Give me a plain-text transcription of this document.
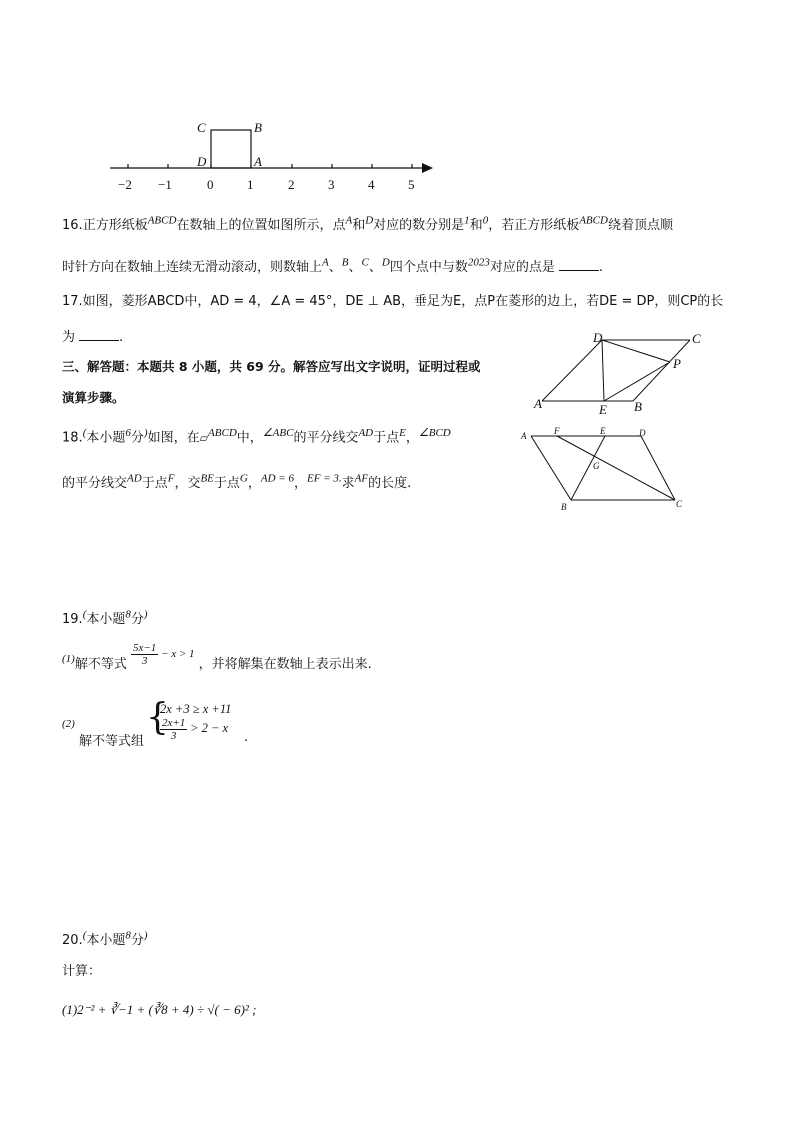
−2 −1	0	1	2	3	4	5
C	B
D	A
16.正方形纸板$^{ABCD}$在数轴上的位置如图所示，点$^A$和$^D$对应的数分别是$^1$和$^0$，若正方形纸板$^{ABCD}$绕着顶点顺
时针方向在数轴上连续无滑动滚动，则数轴上$^A$、$^B$、$^C$、$^D$四个点中与数$^{2023}$对应的点是	.
17.如图，菱形ABCD中，AD = 4，∠A = 45°，DE ⊥ AB，垂足为E，点P在菱形的边上，若DE = DP，则CP的长
为	.	D	C
P
A	E B
三、解答题：本题共 8 小题，共 69 分。解答应写出文字说明，证明过程或
演算步骤。
18.(本小题$^6$分)如图，在▱$^{ABCD}$中，$^{\angle ABC}$的平分线交$^{AD}$于点$^E$，$^{\angle BCD}$
的平分线交$^{AD}$于点$^F$，交$^{BE}$于点$^G$，$^{AD = 6}$，$^{EF = 3.}$求$^{AF}$的长度.
A	F	E	D
G
B	C
19.(本小题$^8$分)
$^{(1)}$解不等式 $\frac{5x-1}{3} - x > 1$ ，并将解集在数轴上表示出来.
(2)
解不等式组
{
2x +3 ≥ x +11
$\frac{2x+1}{3} > 2 - x$
.
20.(本小题$^8$分)
计算：
(1)2⁻² + ∛−1 + (∛8 + 4) ÷ √( − 6)² ;
